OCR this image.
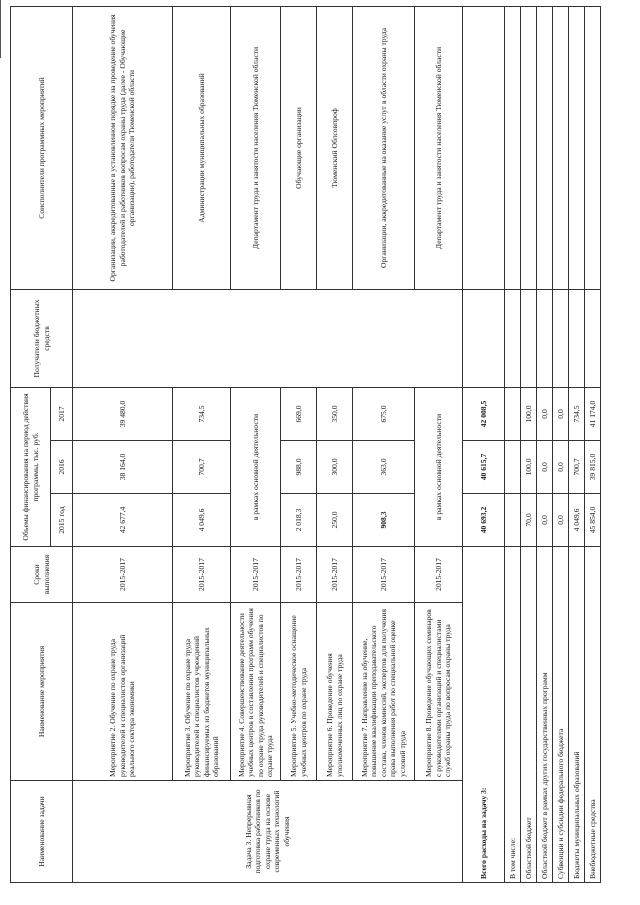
Наименование задачи	Наименование мероприятия	Сроки выполнения	Объемы финансирования на период действия программы, тыс. руб.			Получатели бюджетных средств	Соисполнители программных мероприятий
			2015 год	2016	2017		
Задача 3. Непрерывная подготовка работников по охране труда на основе современных технологий обучения	Мероприятие 2. Обучение по охране труда руководителей и специалистов организаций реального сектора экономики	2015-2017	42 677,4	38 164,0	39 480,0		Организации, аккредитованные в установленном порядке на проведение обучения работодателей и работников вопросам охраны труда (далее - Обучающие организации), работодатели Тюменской области
	Мероприятие 3. Обучение по охране труда руководителей и специалистов учреждений финансируемых из бюджетов муниципальных образований	2015-2017	4 049,6	700,7	734,5		Администрации муниципальных образований
	Мероприятие 4. Совершенствование деятельности учебных центров в составлении программ обучения по охране труда руководителей и специалистов по охране труда	2015-2017	в рамках основной деятельности				Департамент труда и занятости населения Тюменской области
	Мероприятие 5. Учебно-методическое оснащение учебных центров по охране труда	2015-2017	2 018,3	988,0	669,0		Обучающие организации
	Мероприятие 6. Проведение обучения уполномоченных лиц по охране труда	2015-2017	250,0	300,0	350,0		Тюменский Облсовпроф
	Мероприятие 7. Направление на обучение, повышение квалификации преподавательского состава, членов комиссий, экспертов для получения права выполнения работ по специальной оценке условий труда	2015-2017	908,3	363,0	675,0		Организации, аккредитованные на оказание услуг в области охраны труда
	Мероприятие 8. Проведение обучающих семинаров с руководителями организаций и специалистами служб охраны труда по вопросам охраны труда	2015-2017	в рамках основной деятельности				Департамент труда и занятости населения Тюменской области
Всего расходы на задачу 3:			40 693,2	40 615,7	42 008,5		
В том числе:							
Областной бюджет			70,0	100,0	100,0		
Областной бюджет в рамках других государственных программ			0,0	0,0	0,0		
Субвенции и субсидии федерального бюджета			0,0	0,0	0,0		
Бюджеты муниципальных образований			4 049,6	700,7	734,5		
Внебюджетные средства			45 854,0	39 815,0	41 174,0		
